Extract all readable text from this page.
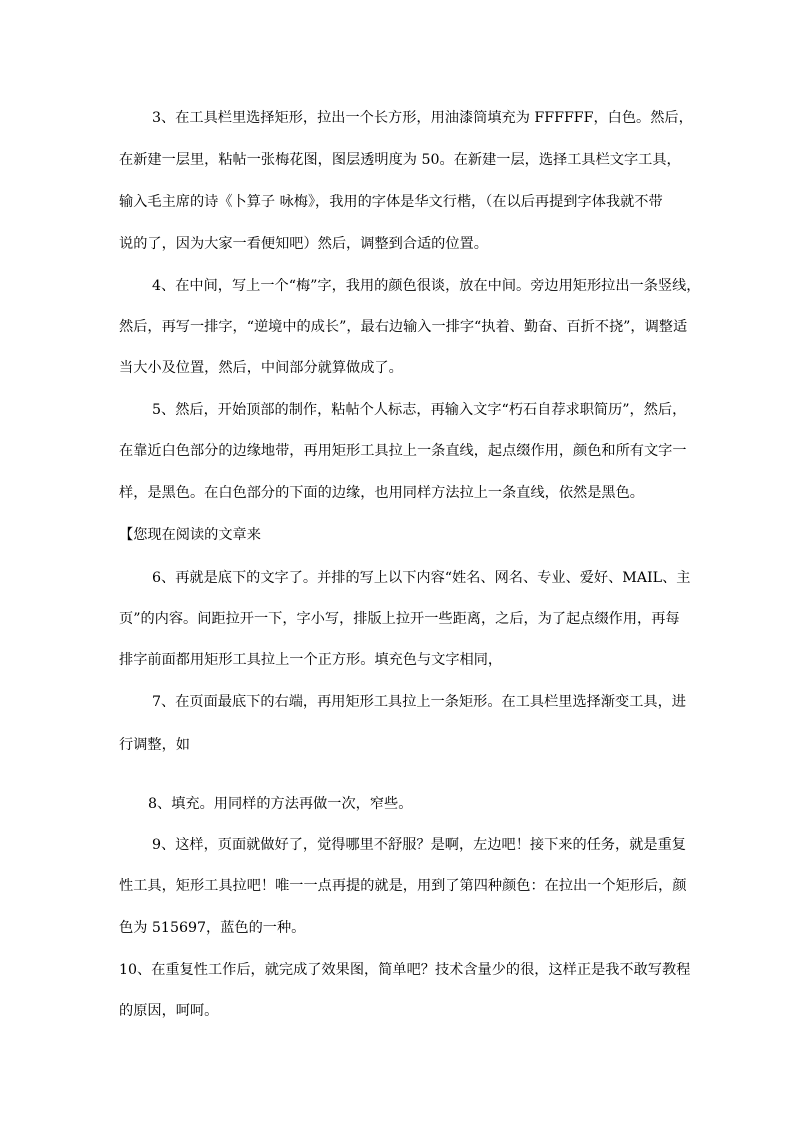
3、在工具栏里选择矩形，拉出一个长方形，用油漆筒填充为 FFFFFF，白色。然后，
在新建一层里，粘帖一张梅花图，图层透明度为 50。在新建一层，选择工具栏文字工具，
输入毛主席的诗《卜算子 咏梅》，我用的字体是华文行楷，（在以后再提到字体我就不带
说的了，因为大家一看便知吧）然后，调整到合适的位置。
4、在中间，写上一个“梅”字，我用的颜色很谈，放在中间。旁边用矩形拉出一条竖线，
然后，再写一排字，“逆境中的成长”，最右边输入一排字“执着、勤奋、百折不挠”，调整适
当大小及位置，然后，中间部分就算做成了。
5、然后，开始顶部的制作，粘帖个人标志，再输入文字“朽石自荐求职简历”，然后，
在靠近白色部分的边缘地带，再用矩形工具拉上一条直线，起点缀作用，颜色和所有文字一
样，是黑色。在白色部分的下面的边缘，也用同样方法拉上一条直线，依然是黑色。
【您现在阅读的文章来
6、再就是底下的文字了。并排的写上以下内容“姓名、网名、专业、爱好、MAIL、主
页”的内容。间距拉开一下，字小写，排版上拉开一些距离，之后，为了起点缀作用，再每
排字前面都用矩形工具拉上一个正方形。填充色与文字相同，
7、在页面最底下的右端，再用矩形工具拉上一条矩形。在工具栏里选择渐变工具，进
行调整，如
8、填充。用同样的方法再做一次，窄些。
9、这样，页面就做好了，觉得哪里不舒服？是啊，左边吧！接下来的任务，就是重复
性工具，矩形工具拉吧！唯一一点再提的就是，用到了第四种颜色：在拉出一个矩形后，颜
色为 515697，蓝色的一种。
10、在重复性工作后，就完成了效果图，简单吧？技术含量少的很，这样正是我不敢写教程
的原因，呵呵。
